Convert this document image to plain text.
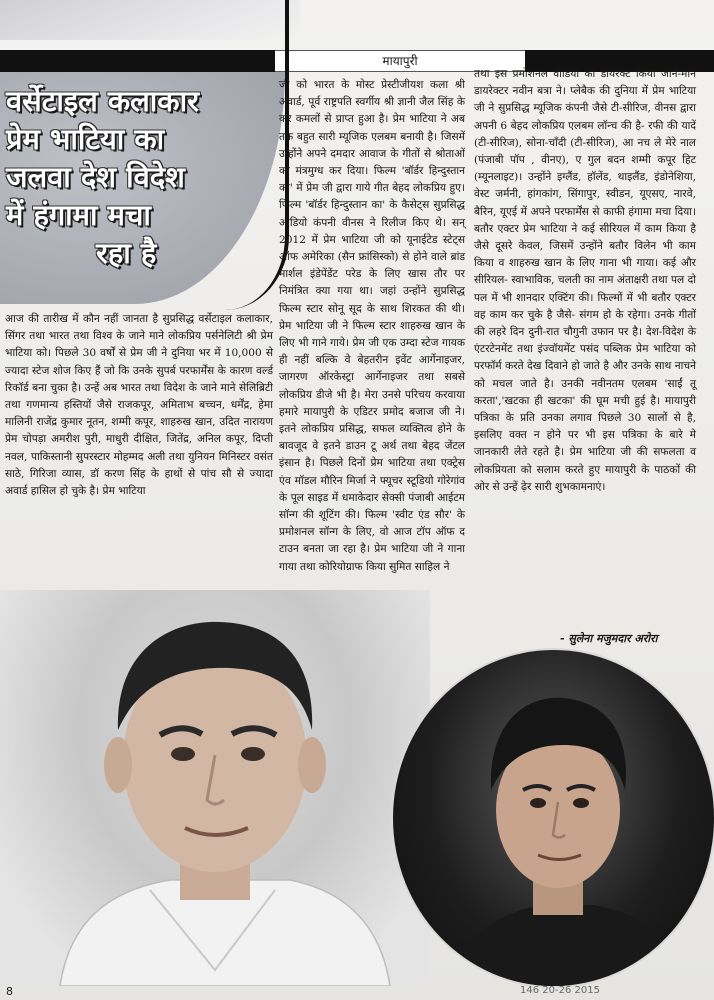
मायापुरी
वर्सेटाइल कलाकार
प्रेम भाटिया का
जलवा देश विदेश
में हंगामा मचा
रहा है

आज की तारीख में कौन नहीं जानता है सुप्रसिद्ध वर्सेटाइल कलाकार, सिंगर तथा भारत तथा विश्व के जाने माने लोकप्रिय पर्सनेलिटी श्री प्रेम भाटिया को। पिछले 30 वर्षों से प्रेम जी ने दुनिया भर में 10,000 से ज्यादा स्टेज शोज किए हैं जो कि उनके सुपर्ब परफार्मेंस के कारण वर्ल्ड रिकॉर्ड बना चुका है। उन्हें अब भारत तथा विदेश के जाने माने सेलिब्रिटी तथा गणमान्य हस्तियों जैसे राजकपूर, अमिताभ बच्चन, धर्मेंद्र, हेमा मालिनी राजेंद्र कुमार नूतन, शम्मी कपूर, शाहरुख खान, उदित नारायण प्रेम चोपड़ा अमरीश पुरी, माधुरी दीक्षित, जितेंद्र, अनिल कपूर, दिप्ती नवल, पाकिस्तानी सुपरस्टार मोहम्मद अली तथा युनियन मिनिस्टर वसंत साठे, गिरिजा व्यास, डॉ करण सिंह के हाथों से पांच सौ से ज्यादा अवार्ड हासिल हो चुके है। प्रेम भाटिया

जी को भारत के मोस्ट प्रेस्टीजीयश कला श्री अवार्ड, पूर्व राष्ट्रपति स्वर्गीय श्री ज्ञानी जैल सिंह के कर कमलों से प्राप्त हुआ है। प्रेम भाटिया ने अब तक बहुत सारी म्यूजिक एलबम बनायी है। जिसमें उन्होंने अपने दमदार आवाज के गीतों से श्रोताओं को मंत्रमुग्ध कर दिया। फिल्म 'बॉर्डर हिन्दुस्तान का' में प्रेम जी द्वारा गाये गीत बेहद लोकप्रिय हुए। फिल्म 'बॉर्डर हिन्दुस्तान का' के कैसेट्स सुप्रसिद्ध ओडियो कंपनी वीनस ने रिलीज किए थे। सन् 2012 में प्रेम भाटिया जी को यूनाईटेड स्टेट्स ऑफ अमेरिका (सैन फ्रांसिस्को) से होने वाले ब्रांड मार्शल इंडेपेंडेंट परेड के लिए खास तौर पर निमंत्रित क्या गया था। जहां उन्होंने सुप्रसिद्ध फिल्म स्टार सोनू सूद के साथ शिरकत की थी। प्रेम भाटिया जी ने फिल्म स्टार शाहरुख खान के लिए भी गाने गाये। प्रेम जी एक उम्दा स्टेज गायक ही नहीं बल्कि वे बेहतरीन इवेंट आर्गेनाइजर, जागरण ऑरकेस्ट्रा आर्गेनाइजर तथा सबसे लोकप्रिय डीजे भी है। मेरा उनसे परिचय करवाया हमारे मायापुरी के एडिटर प्रमोद बजाज जी ने। इतने लोकप्रिय प्रसिद्ध, सफल व्यक्तित्व होने के बावजूद वे इतने डाउन टू अर्थ तथा बेहद जेंटल इंसान है। पिछले दिनों प्रेम भाटिया तथा एक्ट्रेस एंव मॉडल मौरिन मिर्जा ने फ्यूचर स्टूडियो गोरेगांव के पूल साइड में धमाकेदार सेक्सी पंजाबी आईटम सॉन्ग की शूटिंग की। फिल्म 'स्वीट एंड सौर' के प्रमोशनल सॉन्ग के लिए, वो आज टॉप ऑफ द टाउन बनता जा रहा है। प्रेम भाटिया जी ने गाना गाया तथा कोरियोग्राफ किया सुमित साहिल ने

तथा इस प्रमोशनल वीडियो को डायरेक्ट किया जाने-माने डायरेक्टर नवीन बत्रा ने। प्लेबैक की दुनिया में प्रेम भाटिया जी ने सुप्रसिद्ध म्यूजिक कंपनी जैसे टी-सीरिज, वीनस द्वारा अपनी 6 बेहद लोकप्रिय एलबम लॉन्च की है- रफी की यादें (टी-सीरिज), सोना-चाँदी (टी-सीरिज), आ नच ले मेरे नाल (पंजाबी पॉप , वीनए), ए गुल बदन शम्मी कपूर हिट (म्यूनलाइट)। उन्होंने इग्लैंड, हॉलेंड, थाइलैंड, इंडोनेशिया, वेस्ट जर्मनी, हांगकांग, सिंगापुर, स्वीडन, यूएसए, नारवे, बैरिन, यूएई में अपने परफार्मेंस से काफी हंगामा मचा दिया। बतौर एक्टर प्रेम भाटिया ने कई सीरियल में काम किया है जैसे दूसरे केवल, जिसमें उन्होंने बतौर विलेन भी काम किया व शाहरुख खान के लिए गाना भी गाया। कई और सीरियल- स्वाभाविक, चलती का नाम अंताक्षरी तथा पल दो पल में भी शानदार एक्टिंग की। फिल्मों में भी बतौर एक्टर वह काम कर चुके है जैसे- संगम हो के रहेगा। उनके गीतों की लहरे दिन दुनी-रात चौगुनी उफान पर है। देश-विदेश के एंटरटेनमेंट तथा इंज्वॉयमेंट पसंद पब्लिक प्रेम भाटिया को परफॉर्म करते देख दिवाने हो जाते है और उनके साथ नाचने को मचल जाते है। उनकी नवीनतम एलबम 'साईं तू करता','खटका ही खटका' की घूम मची हुई है। मायापुरी पत्रिका के प्रति उनका लगाव पिछले 30 सालों से है, इसलिए वक्त न होने पर भी इस पत्रिका के बारे मे जानकारी लेते रहते है। प्रेम भाटिया जी की सफलता व लोकप्रियता को सलाम करते हुए मायापुरी के पाठकों की ओर से उन्हें ढ़ेर सारी शुभकामनाएं।

- सुलेना मजुमदार अरोरा
8	146 20-26 2015
